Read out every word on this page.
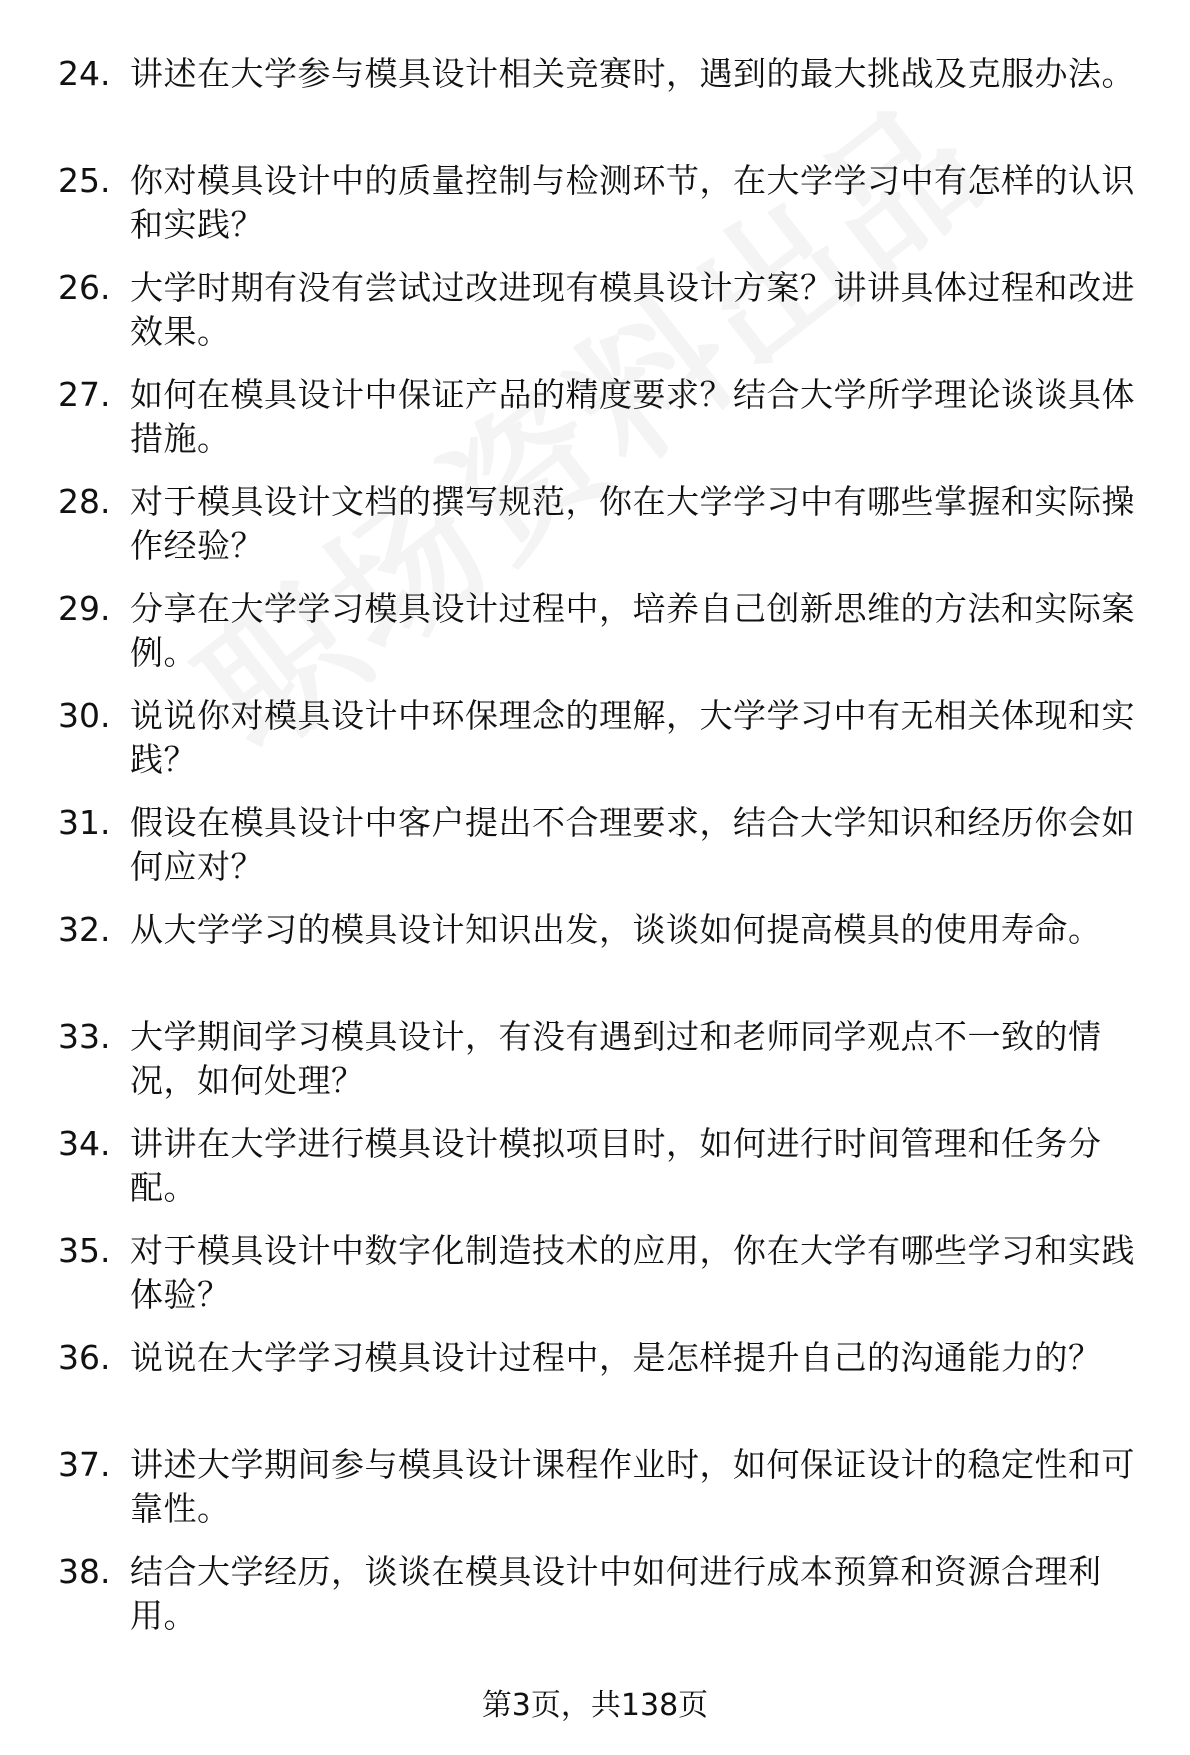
24. 讲述在大学参与模具设计相关竞赛时，遇到的最大挑战及克服办法。
25. 你对模具设计中的质量控制与检测环节，在大学学习中有怎样的认识和实践？
26. 大学时期有没有尝试过改进现有模具设计方案？讲讲具体过程和改进效果。
27. 如何在模具设计中保证产品的精度要求？结合大学所学理论谈谈具体措施。
28. 对于模具设计文档的撰写规范，你在大学学习中有哪些掌握和实际操作经验？
29. 分享在大学学习模具设计过程中，培养自己创新思维的方法和实际案例。
30. 说说你对模具设计中环保理念的理解，大学学习中有无相关体现和实践？
31. 假设在模具设计中客户提出不合理要求，结合大学知识和经历你会如何应对？
32. 从大学学习的模具设计知识出发，谈谈如何提高模具的使用寿命。
33. 大学期间学习模具设计，有没有遇到过和老师同学观点不一致的情况，如何处理？
34. 讲讲在大学进行模具设计模拟项目时，如何进行时间管理和任务分配。
35. 对于模具设计中数字化制造技术的应用，你在大学有哪些学习和实践体验？
36. 说说在大学学习模具设计过程中，是怎样提升自己的沟通能力的？
37. 讲述大学期间参与模具设计课程作业时，如何保证设计的稳定性和可靠性。
38. 结合大学经历，谈谈在模具设计中如何进行成本预算和资源合理利用。
第3页，共138页
